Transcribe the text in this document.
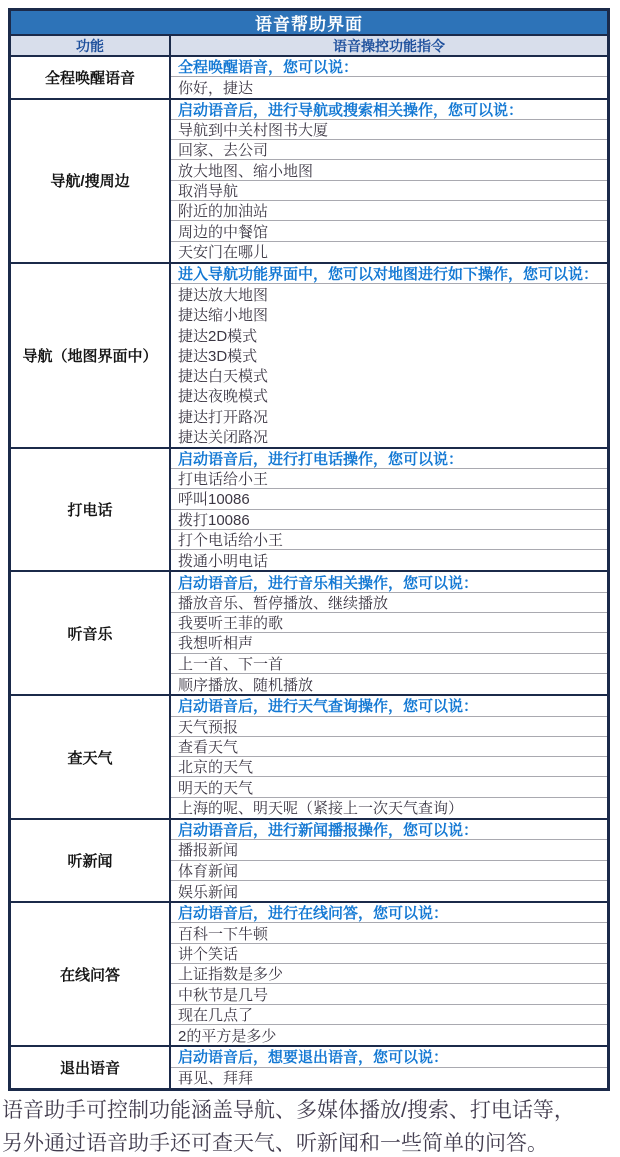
语音帮助界面
功能	语音操控功能指令
全程唤醒语音
全程唤醒语音，您可以说：
你好，捷达
导航/搜周边
启动语音后，进行导航或搜索相关操作，您可以说：
导航到中关村图书大厦
回家、去公司
放大地图、缩小地图
取消导航
附近的加油站
周边的中餐馆
天安门在哪儿
导航（地图界面中）
进入导航功能界面中，您可以对地图进行如下操作，您可以说：
捷达放大地图
捷达缩小地图
捷达2D模式
捷达3D模式
捷达白天模式
捷达夜晚模式
捷达打开路况
捷达关闭路况
打电话
启动语音后，进行打电话操作，您可以说：
打电话给小王
呼叫10086
拨打10086
打个电话给小王
拨通小明电话
听音乐
启动语音后，进行音乐相关操作，您可以说：
播放音乐、暂停播放、继续播放
我要听王菲的歌
我想听相声
上一首、下一首
顺序播放、随机播放
查天气
启动语音后，进行天气查询操作，您可以说：
天气预报
查看天气
北京的天气
明天的天气
上海的呢、明天呢（紧接上一次天气查询）
听新闻
启动语音后，进行新闻播报操作，您可以说：
播报新闻
体育新闻
娱乐新闻
在线问答
启动语音后，进行在线问答，您可以说：
百科一下牛顿
讲个笑话
上证指数是多少
中秋节是几号
现在几点了
2的平方是多少
退出语音
启动语音后，想要退出语音，您可以说：
再见、拜拜

语音助手可控制功能涵盖导航、多媒体播放/搜索、打电话等，

另外通过语音助手还可查天气、听新闻和一些简单的问答。
